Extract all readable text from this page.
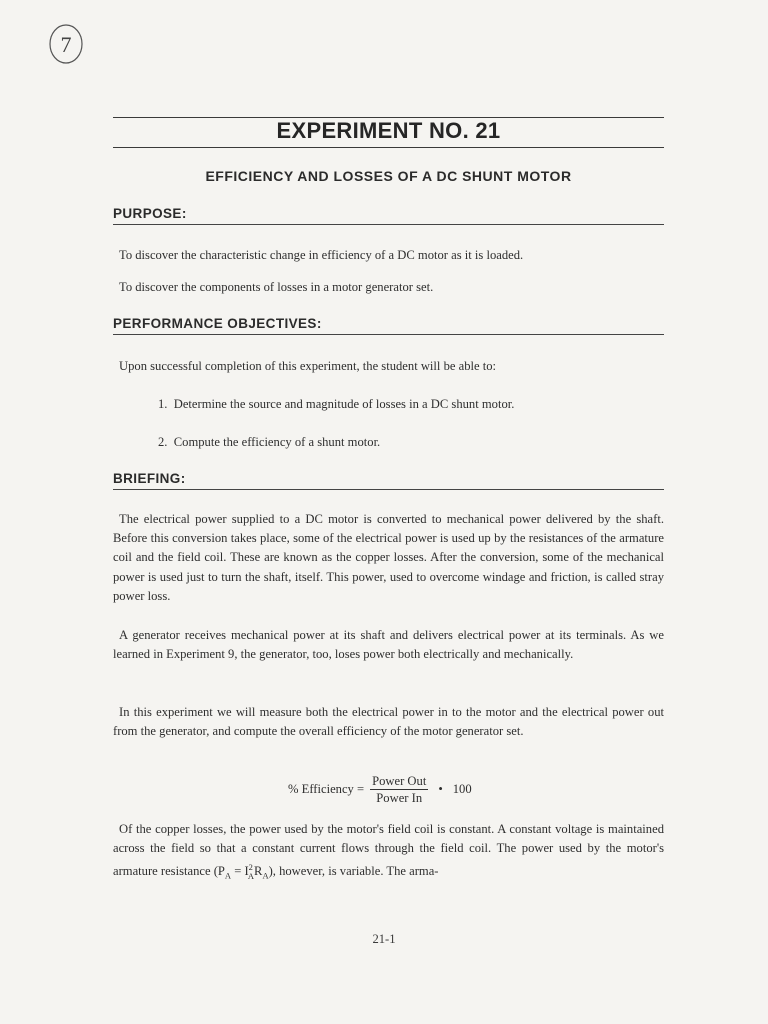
7
EXPERIMENT NO. 21
EFFICIENCY AND LOSSES OF A DC SHUNT MOTOR
PURPOSE:
To discover the characteristic change in efficiency of a DC motor as it is loaded.
To discover the components of losses in a motor generator set.
PERFORMANCE OBJECTIVES:
Upon successful completion of this experiment, the student will be able to:
1.  Determine the source and magnitude of losses in a DC shunt motor.
2.  Compute the efficiency of a shunt motor.
BRIEFING:
The electrical power supplied to a DC motor is converted to mechanical power delivered by the shaft. Before this conversion takes place, some of the electrical power is used up by the resistances of the armature coil and the field coil. These are known as the copper losses. After the conversion, some of the mechanical power is used just to turn the shaft, itself. This power, used to overcome windage and friction, is called stray power loss.
A generator receives mechanical power at its shaft and delivers electrical power at its terminals. As we learned in Experiment 9, the generator, too, loses power both electrically and mechanically.
In this experiment we will measure both the electrical power in to the motor and the electrical power out from the generator, and compute the overall efficiency of the motor generator set.
% Efficiency = $\frac{\text{Power Out}}{\text{Power In}}$ • 100
Of the copper losses, the power used by the motor's field coil is constant. A constant voltage is maintained across the field so that a constant current flows through the field coil. The power used by the motor's armature resistance $(P_A = I^2_AR_A)$, however, is variable. The arma-
21-1
